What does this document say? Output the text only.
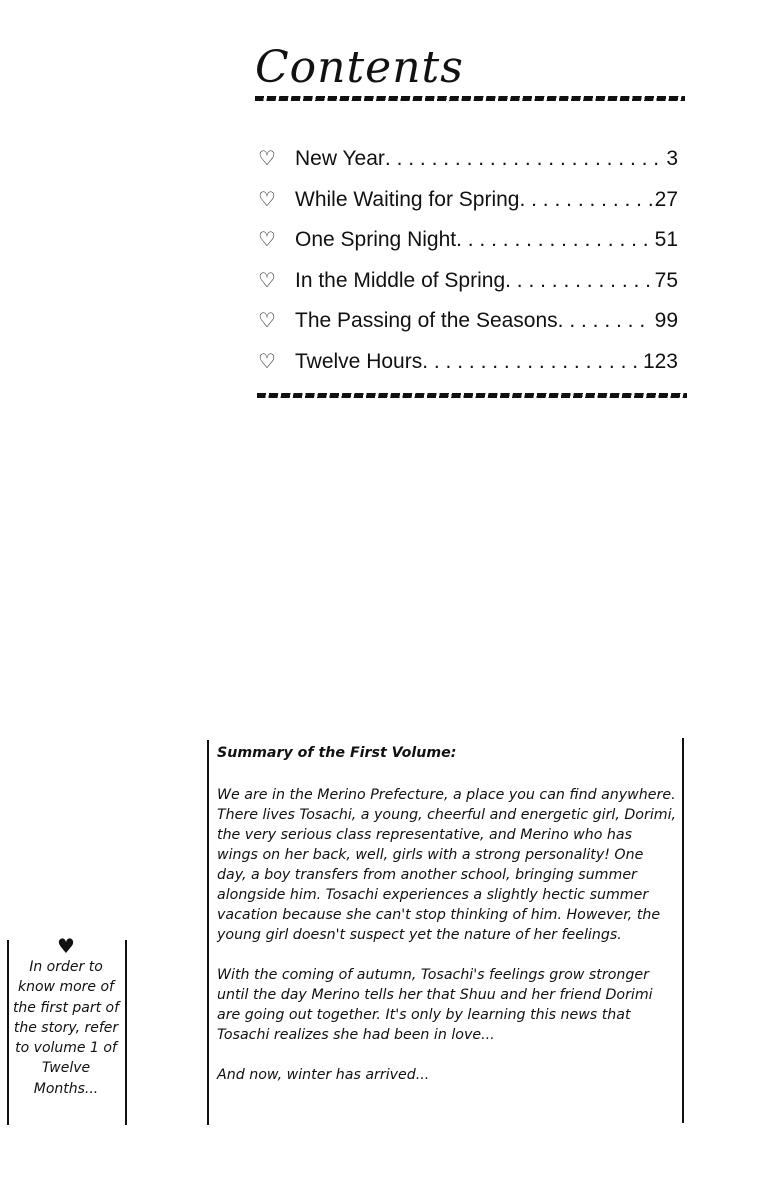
Contents
♡ New Year . . .	3
♡ While Waiting for Spring . . .	27
♡ One Spring Night . . .	51
♡ In the Middle of Spring . . .	75
♡ The Passing of the Seasons . . .	99
♡ Twelve Hours . . .	123
Summary of the First Volume:

We are in the Merino Prefecture, a place you can find anywhere. There lives Tosachi, a young, cheerful and energetic girl, Dorimi, the very serious class representative, and Merino who has wings on her back, well, girls with a strong personality! One day, a boy transfers from another school, bringing summer alongside him. Tosachi experiences a slightly hectic summer vacation because she can't stop thinking of him. However, the young girl doesn't suspect yet the nature of her feelings.

With the coming of autumn, Tosachi's feelings grow stronger until the day Merino tells her that Shuu and her friend Dorimi are going out together. It's only by learning this news that Tosachi realizes she had been in love...

And now, winter has arrived...

♥
In order to know more of the first part of the story, refer to volume 1 of Twelve Months...
